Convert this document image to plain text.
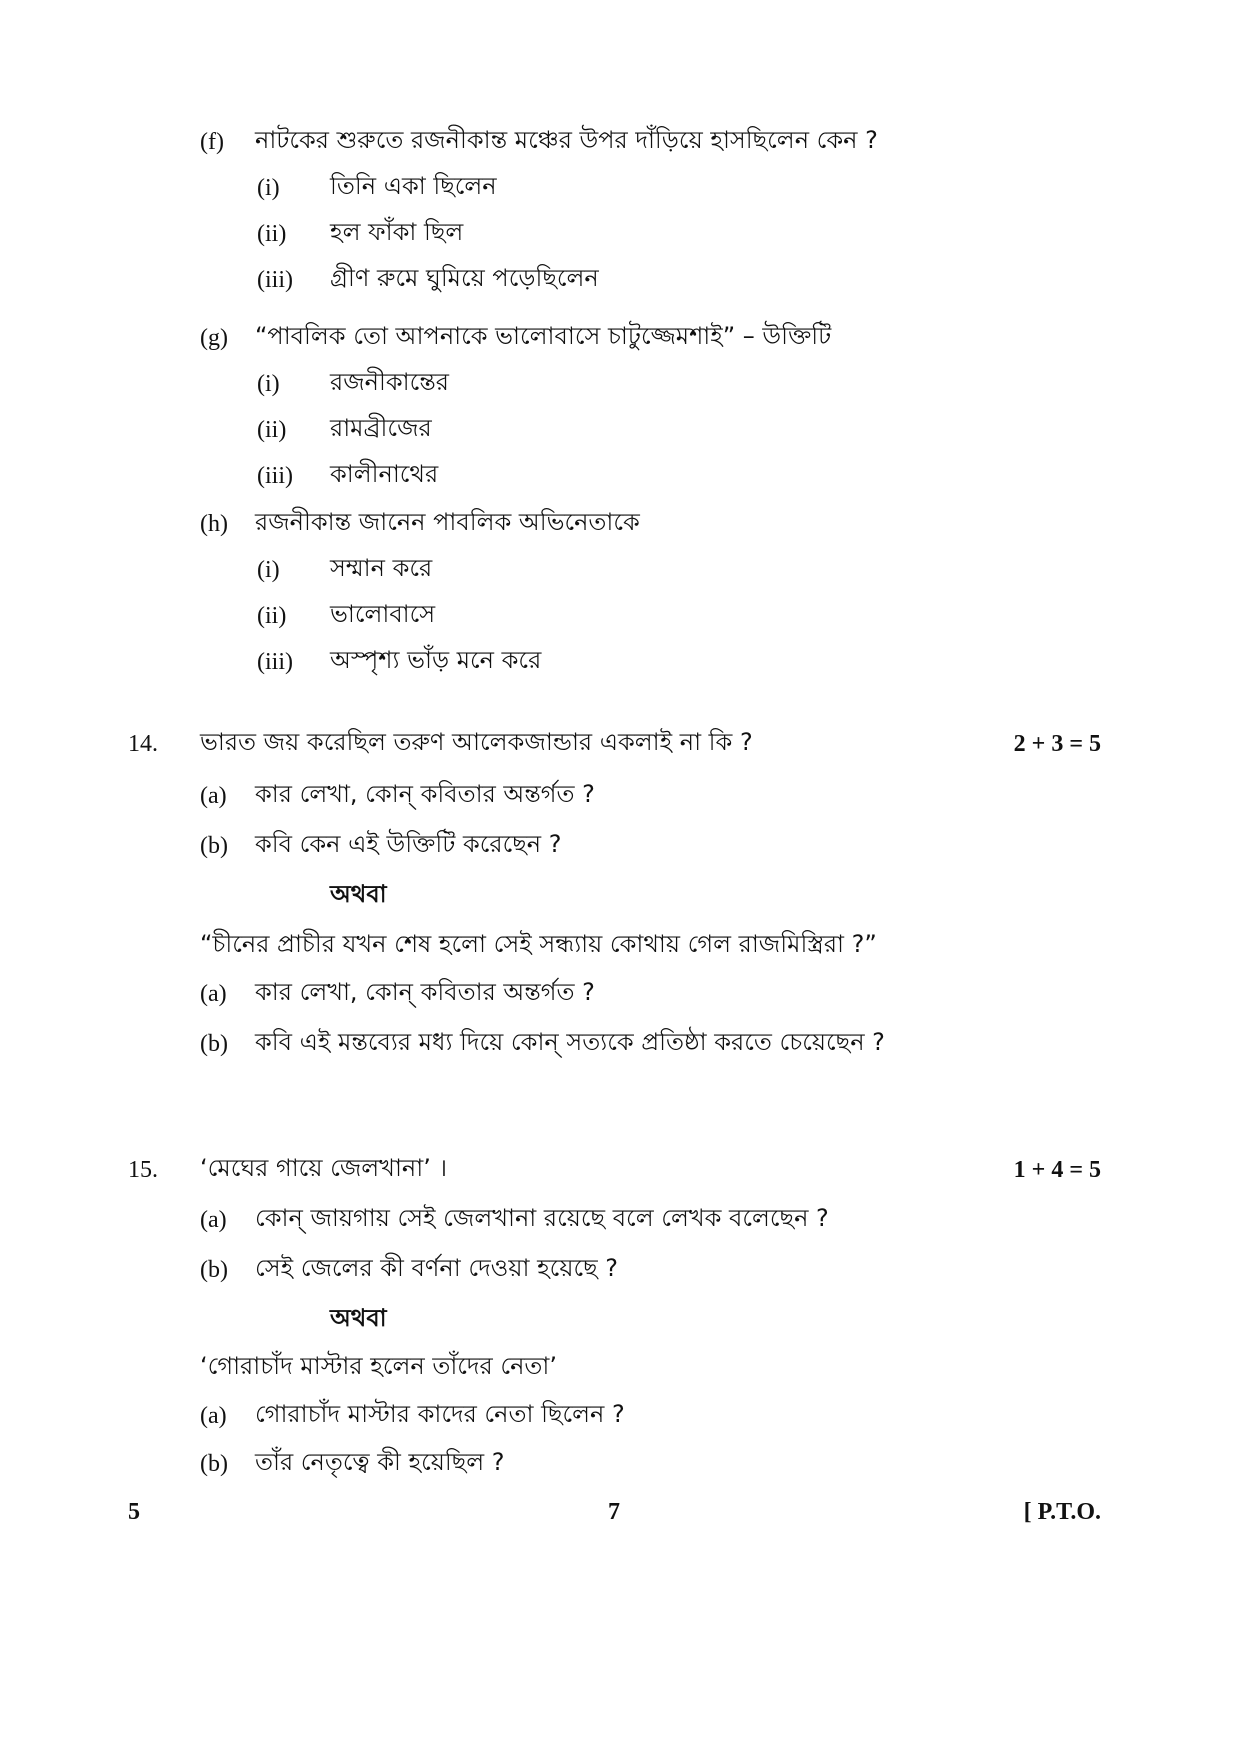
(f) নাটকের শুরুতে রজনীকান্ত মঞ্চের উপর দাঁড়িয়ে হাসছিলেন কেন ?
(i) তিনি একা ছিলেন
(ii) হল ফাঁকা ছিল
(iii) গ্রীণ রুমে ঘুমিয়ে পড়েছিলেন
(g) “পাবলিক তো আপনাকে ভালোবাসে চাটুজ্জেমশাই” – উক্তিটি
(i) রজনীকান্তের
(ii) রামব্রীজের
(iii) কালীনাথের
(h) রজনীকান্ত জানেন পাবলিক অভিনেতাকে
(i) সম্মান করে
(ii) ভালোবাসে
(iii) অস্পৃশ্য ভাঁড় মনে করে
14. ভারত জয় করেছিল তরুণ আলেকজান্ডার একলাই না কি ?	2 + 3 = 5
(a) কার লেখা, কোন্ কবিতার অন্তর্গত ?
(b) কবি কেন এই উক্তিটি করেছেন ?
অথবা
“চীনের প্রাচীর যখন শেষ হলো সেই সন্ধ্যায় কোথায় গেল রাজমিস্ত্রিরা ?”
(a) কার লেখা, কোন্ কবিতার অন্তর্গত ?
(b) কবি এই মন্তব্যের মধ্য দিয়ে কোন্ সত্যকে প্রতিষ্ঠা করতে চেয়েছেন ?
15. ‘মেঘের গায়ে জেলখানা’ ।	1 + 4 = 5
(a) কোন্ জায়গায় সেই জেলখানা রয়েছে বলে লেখক বলেছেন ?
(b) সেই জেলের কী বর্ণনা দেওয়া হয়েছে ?
অথবা
‘গোরাচাঁদ মাস্টার হলেন তাঁদের নেতা’
(a) গোরাচাঁদ মাস্টার কাদের নেতা ছিলেন ?
(b) তাঁর নেতৃত্বে কী হয়েছিল ?
5	7	[ P.T.O.
